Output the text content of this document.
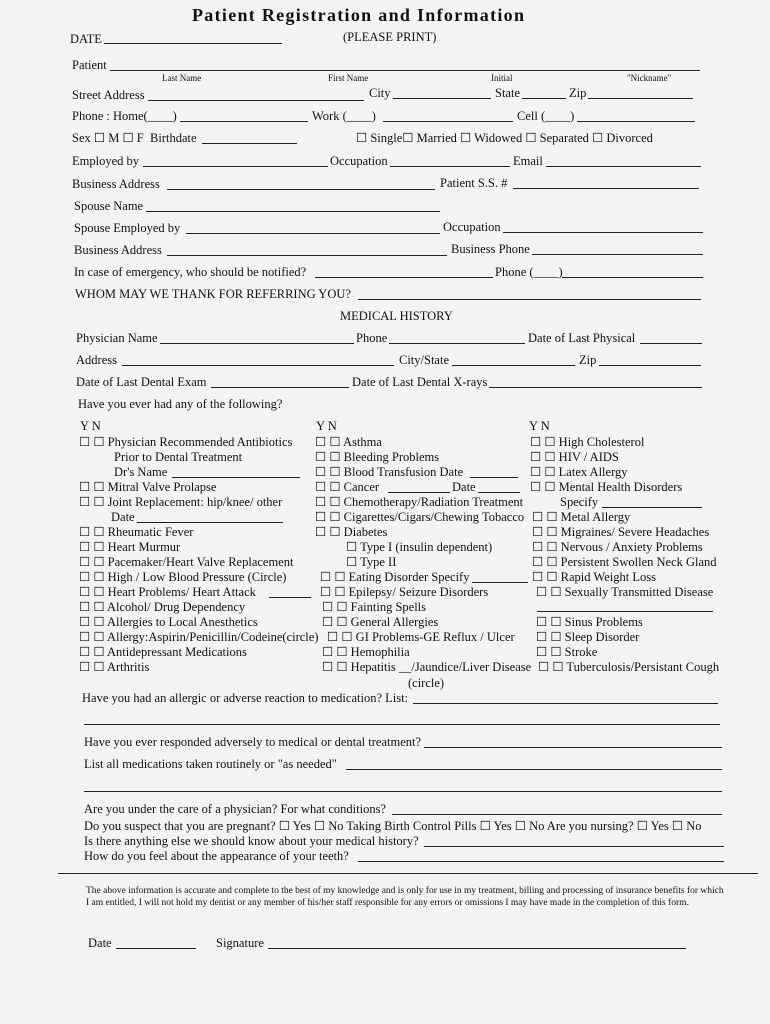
Patient Registration and Information
DATE	(PLEASE PRINT)
Patient
Last Name	First Name	Initial	"Nickname"
Street Address	City	State	Zip
Phone : Home(____)	Work (____)	Cell (____)
Sex ☐ M ☐ F Birthdate	☐ Single☐ Married ☐ Widowed ☐ Separated ☐ Divorced
Employed by	Occupation	Email
Business Address	Patient S.S. #
Spouse Name
Spouse Employed by	Occupation
Business Address	Business Phone
In case of emergency, who should be notified?	Phone (____)
WHOM MAY WE THANK FOR REFERRING YOU?
MEDICAL HISTORY
Physician Name	Phone	Date of Last Physical
Address	City/State	Zip
Date of Last Dental Exam	Date of Last Dental X-rays
Have you ever had any of the following?
Y N	Y N	Y N
☐ ☐ Physician Recommended Antibiotics
Prior to Dental Treatment
Dr's Name
☐ ☐ Mitral Valve Prolapse
☐ ☐ Joint Replacement: hip/knee/ other
Date
☐ ☐ Rheumatic Fever
☐ ☐ Heart Murmur
☐ ☐ Pacemaker/Heart Valve Replacement
☐ ☐ High / Low Blood Pressure (Circle)
☐ ☐ Heart Problems/ Heart Attack
☐ ☐ Alcohol/ Drug Dependency
☐ ☐ Allergies to Local Anesthetics
☐ ☐ Allergy:Aspirin/Penicillin/Codeine(circle)
☐ ☐ Antidepressant Medications
☐ ☐ Arthritis
☐ ☐ Asthma
☐ ☐ Bleeding Problems
☐ ☐ Blood Transfusion Date
☐ ☐ Cancer	Date
☐ ☐ Chemotherapy/Radiation Treatment
☐ ☐ Cigarettes/Cigars/Chewing Tobacco
☐ ☐ Diabetes
☐ Type I (insulin dependent)
☐ Type II
☐ ☐ Eating Disorder Specify
☐ ☐ Epilepsy/ Seizure Disorders
☐ ☐ Fainting Spells
☐ ☐ General Allergies
☐ ☐ GI Problems-GE Reflux / Ulcer
☐ ☐ Hemophilia
☐ ☐ Hepatitis __/Jaundice/Liver Disease
(circle)
☐ ☐ High Cholesterol
☐ ☐ HIV / AIDS
☐ ☐ Latex Allergy
☐ ☐ Mental Health Disorders
Specify
☐ ☐ Metal Allergy
☐ ☐ Migraines/ Severe Headaches
☐ ☐ Nervous / Anxiety Problems
☐ ☐ Persistent Swollen Neck Gland
☐ ☐ Rapid Weight Loss
☐ ☐ Sexually Transmitted Disease
☐ ☐ Sinus Problems
☐ ☐ Sleep Disorder
☐ ☐ Stroke
☐ ☐ Tuberculosis/Persistant Cough
Have you had an allergic or adverse reaction to medication? List:
Have you ever responded adversely to medical or dental treatment?
List all medications taken routinely or "as needed"
Are you under the care of a physician? For what conditions?
Do you suspect that you are pregnant? ☐ Yes ☐ No Taking Birth Control Pills ☐ Yes ☐ No Are you nursing? ☐ Yes ☐ No
Is there anything else we should know about your medical history?
How do you feel about the appearance of your teeth?
The above information is accurate and complete to the best of my knowledge and is only for use in my treatment, billing and processing of insurance benefits for which I am entitled, I will not hold my dentist or any member of his/her staff responsible for any errors or omissions I may have made in the completion of this form.
Date	Signature
